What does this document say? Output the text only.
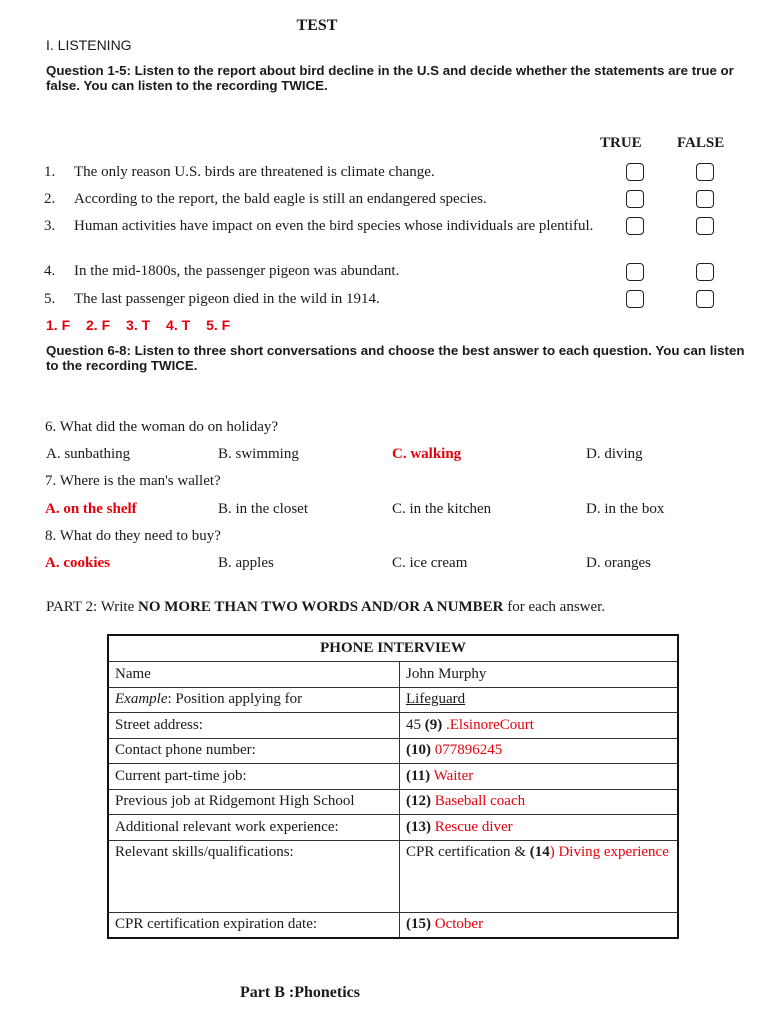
TEST
I. LISTENING
Question 1-5: Listen to the report about bird decline in the U.S and decide whether the statements are true or false. You can listen to the recording TWICE.
TRUE FALSE
1. The only reason U.S. birds are threatened is climate change.
2. According to the report, the bald eagle is still an endangered species.
3. Human activities have impact on even the bird species whose individuals are plentiful.
4. In the mid-1800s, the passenger pigeon was abundant.
5. The last passenger pigeon died in the wild in 1914.
1. F 2. F 3. T 4. T 5. F
Question 6-8: Listen to three short conversations and choose the best answer to each question. You can listen to the recording TWICE.
6. What did the woman do on holiday?
A. sunbathing	B. swimming	C. walking	D. diving
7. Where is the man's wallet?
A. on the shelf	B. in the closet	C. in the kitchen	D. in the box
8. What do they need to buy?
A. cookies	B. apples	C. ice cream	D. oranges
PART 2: Write NO MORE THAN TWO WORDS AND/OR A NUMBER for each answer.
PHONE INTERVIEW	
Name	John Murphy
Example: Position applying for	Lifeguard
Street address:	45 (9) .ElsinoreCourt
Contact phone number:	(10) 077896245
Current part-time job:	(11) Waiter
Previous job at Ridgemont High School	(12) Baseball coach
Additional relevant work experience:	(13) Rescue diver
Relevant skills/qualifications:	CPR certification & (14) Diving experience
CPR certification expiration date:	(15) October
Part B :Phonetics
